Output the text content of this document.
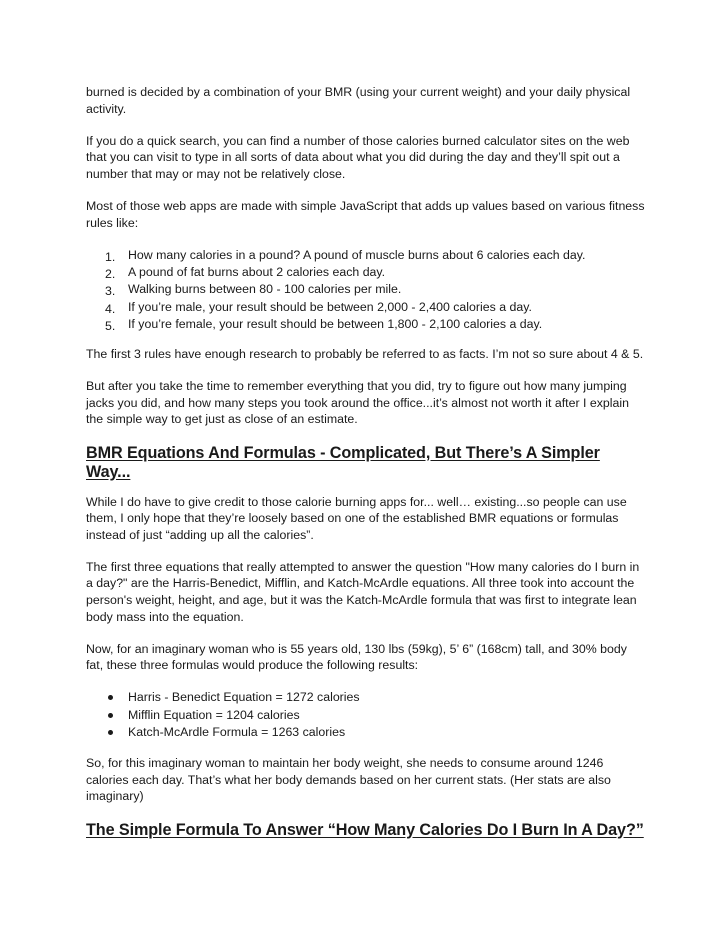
burned is decided by a combination of your BMR (using your current weight) and your daily physical activity.

If you do a quick search, you can find a number of those calories burned calculator sites on the web that you can visit to type in all sorts of data about what you did during the day and they’ll spit out a number that may or may not be relatively close.

Most of those web apps are made with simple JavaScript that adds up values based on various fitness rules like:

1. How many calories in a pound? A pound of muscle burns about 6 calories each day.
2. A pound of fat burns about 2 calories each day.
3. Walking burns between 80 - 100 calories per mile.
4. If you’re male, your result should be between 2,000 - 2,400 calories a day.
5. If you’re female, your result should be between 1,800 - 2,100 calories a day.

The first 3 rules have enough research to probably be referred to as facts. I’m not so sure about 4 & 5.

But after you take the time to remember everything that you did, try to figure out how many jumping jacks you did, and how many steps you took around the office...it’s almost not worth it after I explain the simple way to get just as close of an estimate.

BMR Equations And Formulas - Complicated, But There’s A Simpler Way...

While I do have to give credit to those calorie burning apps for... well… existing...so people can use them, I only hope that they’re loosely based on one of the established BMR equations or formulas instead of just “adding up all the calories”.

The first three equations that really attempted to answer the question "How many calories do I burn in a day?" are the Harris-Benedict, Mifflin, and Katch-McArdle equations. All three took into account the person's weight, height, and age, but it was the Katch-McArdle formula that was first to integrate lean body mass into the equation.

Now, for an imaginary woman who is 55 years old, 130 lbs (59kg), 5’ 6” (168cm) tall, and 30% body fat, these three formulas would produce the following results:

Harris - Benedict Equation = 1272 calories
Mifflin Equation = 1204 calories
Katch-McArdle Formula = 1263 calories

So, for this imaginary woman to maintain her body weight, she needs to consume around 1246 calories each day. That’s what her body demands based on her current stats. (Her stats are also imaginary)

The Simple Formula To Answer “How Many Calories Do I Burn In A Day?”
